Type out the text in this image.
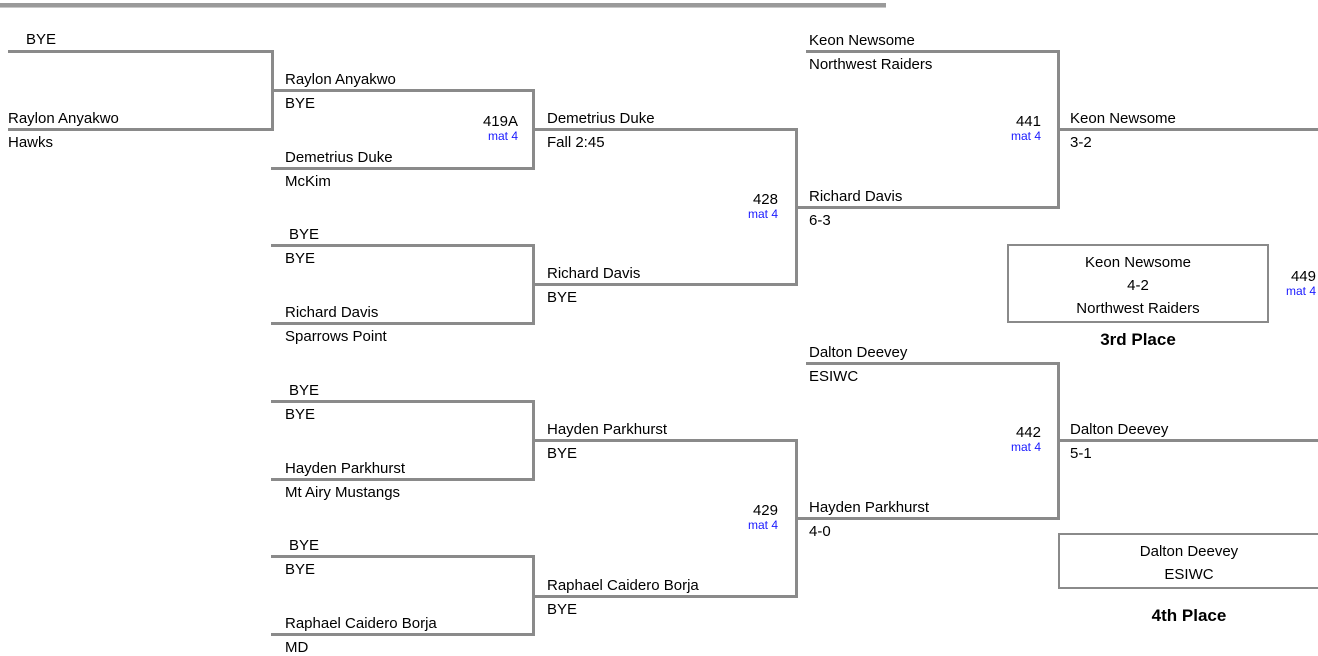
BYE
Raylon Anyakwo
Hawks
Raylon Anyakwo
BYE
Demetrius Duke
McKim
BYE
BYE
Richard Davis
Sparrows Point
BYE
BYE
Hayden Parkhurst
Mt Airy Mustangs
BYE
BYE
Raphael Caidero Borja
MD
Demetrius Duke
Fall 2:45
Richard Davis
BYE
Hayden Parkhurst
BYE
Raphael Caidero Borja
BYE
Keon Newsome
Northwest Raiders
Richard Davis
6-3
Dalton Deevey
ESIWC
Hayden Parkhurst
4-0
Keon Newsome
3-2
Dalton Deevey
5-1
419A
mat 4
428
mat 4
429
mat 4
441
mat 4
442
mat 4
449
mat 4
Keon Newsome
4-2
Northwest Raiders
3rd Place
Dalton Deevey
ESIWC
4th Place
